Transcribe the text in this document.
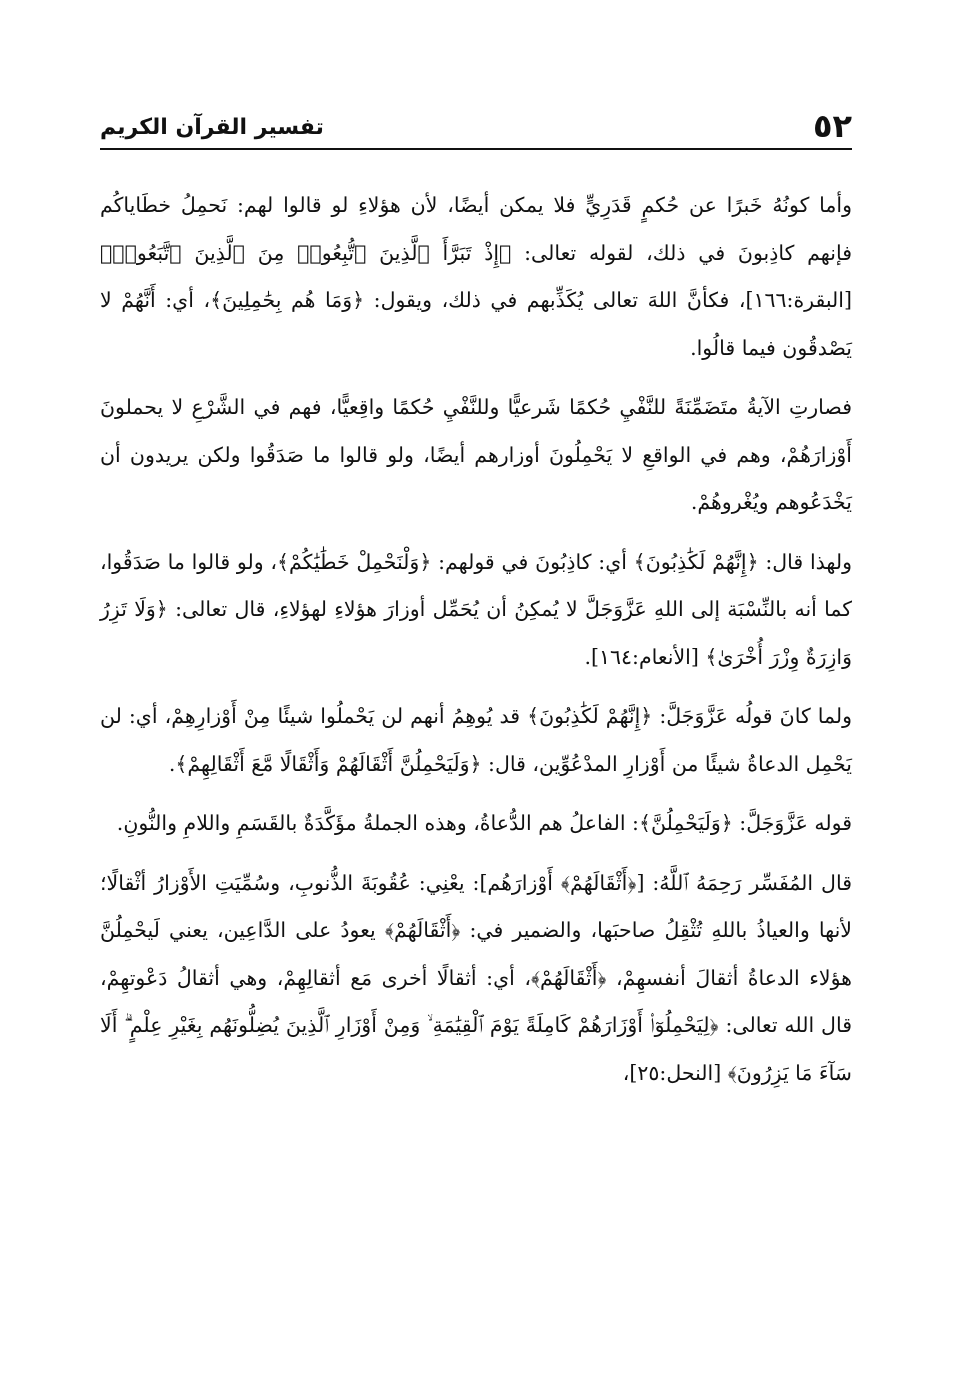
٥٢
تفسير القرآن الكريم

وأما كونُهُ خَبرًا عن حُكمٍ قَدَرِيٍّ فلا يمكن أيضًا، لأن هؤلاءِ لو قالوا لهم: نَحمِلُ خطَاياكُم فإنهم كاذِبونَ في ذلك، لقوله تعالى: ﴿إِذْ تَبَرَّأَ ٱلَّذِينَ ٱتُّبِعُوا۟ مِنَ ٱلَّذِينَ ٱتَّبَعُوا۟﴾ [البقرة:١٦٦]، فكأنَّ اللهَ تعالى يُكَذِّبهم في ذلك، ويقول: ﴿وَمَا هُم بِحَٰمِلِينَ﴾، أي: أَنَّهُمْ لا يَصْدقُون فيما قالُوا.

فصارتِ الآيةُ متَضَمِّنَةً للنَّفْيِ حُكمًا شَرعيًّا وللنَّفْيِ حُكمًا واقِعيًّا، فهم في الشَّرْعِ لا يحملونَ أَوْزارَهُمْ، وهم في الواقعِ لا يَحْمِلُونَ أوزارهم أيضًا، ولو قالوا ما صَدَقُوا ولكن يريدون أن يَخْدَعُوهم ويُغْروهُمْ.

ولهذا قال: ﴿إِنَّهُمْ لَكَٰذِبُونَ﴾ أي: كاذِبُونَ في قولهم: ﴿وَلْنَحْمِلْ خَطَٰيَٰكُمْ﴾، ولو قالوا ما صَدَقُوا، كما أنه بالنِّسْبَة إلى اللهِ عَزَّوَجَلَّ لا يُمكِنُ أن يُحَمِّل أوزارَ هؤلاءِ لهؤلاءِ، قال تعالى: ﴿وَلَا تَزِرُ وَازِرَةٌ وِزْرَ أُخْرَىٰ﴾ [الأنعام:١٦٤].

ولما كانَ قولُه عَزَّوَجَلَّ: ﴿إِنَّهُمْ لَكَٰذِبُونَ﴾ قد يُوهِمُ أنهم لن يَحْملُوا شيئًا مِنْ أَوْزارِهِمْ، أي: لن يَحْمِل الدعاةُ شيئًا من أَوْزارِ المدْعُوِّين، قال: ﴿وَلَيَحْمِلُنَّ أَثْقَالَهُمْ وَأَثْقَالًا مَّعَ أَثْقَالِهِمْ﴾.

قوله عَزَّوَجَلَّ: ﴿وَلَيَحْمِلُنَّ﴾: الفاعلُ هم الدُّعاةُ، وهذه الجملةُ مؤَكَّدَةٌ بالقَسَمِ واللامِ والنُّونِ.

قال المُفَسِّر رَحِمَهُ ٱللَّهُ: [﴿أَثْقَالَهُمْ﴾ أَوْزارَهُم]: يعْنِي: عُقُوبَةَ الذُّنوبِ، وسُمِّيَتِ الأَوْزارُ أثْقالًا؛ لأنها والعياذُ باللهِ تُثْقِلُ صاحبَها، والضمير في: ﴿أَثْقَالَهُمْ﴾ يعودُ على الدَّاعِين، يعني لَيحْمِلُنَّ هؤلاء الدعاةُ أثقالَ أنفسهِمْ، ﴿أَثْقَالَهُمْ﴾، أي: أثقالًا أخرى مَع أثقالِهِمْ، وهي أثقالُ دَعْوتهِمْ، قال الله تعالى: ﴿لِيَحْمِلُوٓا۟ أَوْزَارَهُمْ كَامِلَةً يَوْمَ ٱلْقِيَٰمَةِ ۙ وَمِنْ أَوْزَارِ ٱلَّذِينَ يُضِلُّونَهُم بِغَيْرِ عِلْمٍ ۗ أَلَا سَآءَ مَا يَزِرُونَ﴾ [النحل:٢٥]،
